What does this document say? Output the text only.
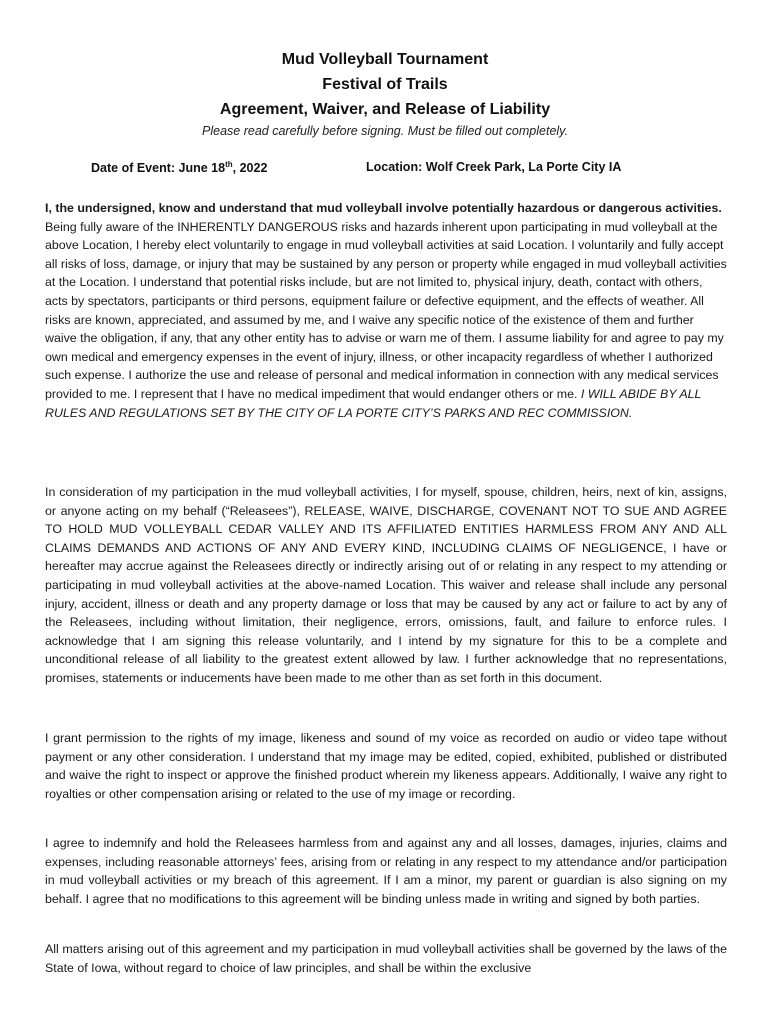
Mud Volleyball Tournament
Festival of Trails
Agreement, Waiver, and Release of Liability
Please read carefully before signing. Must be filled out completely.
Date of Event: June 18th, 2022	Location: Wolf Creek Park, La Porte City IA
I, the undersigned, know and understand that mud volleyball involve potentially hazardous or dangerous activities. Being fully aware of the INHERENTLY DANGEROUS risks and hazards inherent upon participating in mud volleyball at the above Location, I hereby elect voluntarily to engage in mud volleyball activities at said Location. I voluntarily and fully accept all risks of loss, damage, or injury that may be sustained by any person or property while engaged in mud volleyball activities at the Location. I understand that potential risks include, but are not limited to, physical injury, death, contact with others, acts by spectators, participants or third persons, equipment failure or defective equipment, and the effects of weather. All risks are known, appreciated, and assumed by me, and I waive any specific notice of the existence of them and further waive the obligation, if any, that any other entity has to advise or warn me of them. I assume liability for and agree to pay my own medical and emergency expenses in the event of injury, illness, or other incapacity regardless of whether I authorized such expense. I authorize the use and release of personal and medical information in connection with any medical services provided to me. I represent that I have no medical impediment that would endanger others or me. I WILL ABIDE BY ALL RULES AND REGULATIONS SET BY THE CITY OF LA PORTE CITY’S PARKS AND REC COMMISSION.
In consideration of my participation in the mud volleyball activities, I for myself, spouse, children, heirs, next of kin, assigns, or anyone acting on my behalf (“Releasees”), RELEASE, WAIVE, DISCHARGE, COVENANT NOT TO SUE AND AGREE TO HOLD MUD VOLLEYBALL CEDAR VALLEY AND ITS AFFILIATED ENTITIES HARMLESS FROM ANY AND ALL CLAIMS DEMANDS AND ACTIONS OF ANY AND EVERY KIND, INCLUDING CLAIMS OF NEGLIGENCE, I have or hereafter may accrue against the Releasees directly or indirectly arising out of or relating in any respect to my attending or participating in mud volleyball activities at the above-named Location. This waiver and release shall include any personal injury, accident, illness or death and any property damage or loss that may be caused by any act or failure to act by any of the Releasees, including without limitation, their negligence, errors, omissions, fault, and failure to enforce rules. I acknowledge that I am signing this release voluntarily, and I intend by my signature for this to be a complete and unconditional release of all liability to the greatest extent allowed by law. I further acknowledge that no representations, promises, statements or inducements have been made to me other than as set forth in this document.
I grant permission to the rights of my image, likeness and sound of my voice as recorded on audio or video tape without payment or any other consideration. I understand that my image may be edited, copied, exhibited, published or distributed and waive the right to inspect or approve the finished product wherein my likeness appears. Additionally, I waive any right to royalties or other compensation arising or related to the use of my image or recording.
I agree to indemnify and hold the Releasees harmless from and against any and all losses, damages, injuries, claims and expenses, including reasonable attorneys’ fees, arising from or relating in any respect to my attendance and/or participation in mud volleyball activities or my breach of this agreement. If I am a minor, my parent or guardian is also signing on my behalf. I agree that no modifications to this agreement will be binding unless made in writing and signed by both parties.
All matters arising out of this agreement and my participation in mud volleyball activities shall be governed by the laws of the State of Iowa, without regard to choice of law principles, and shall be within the exclusive
